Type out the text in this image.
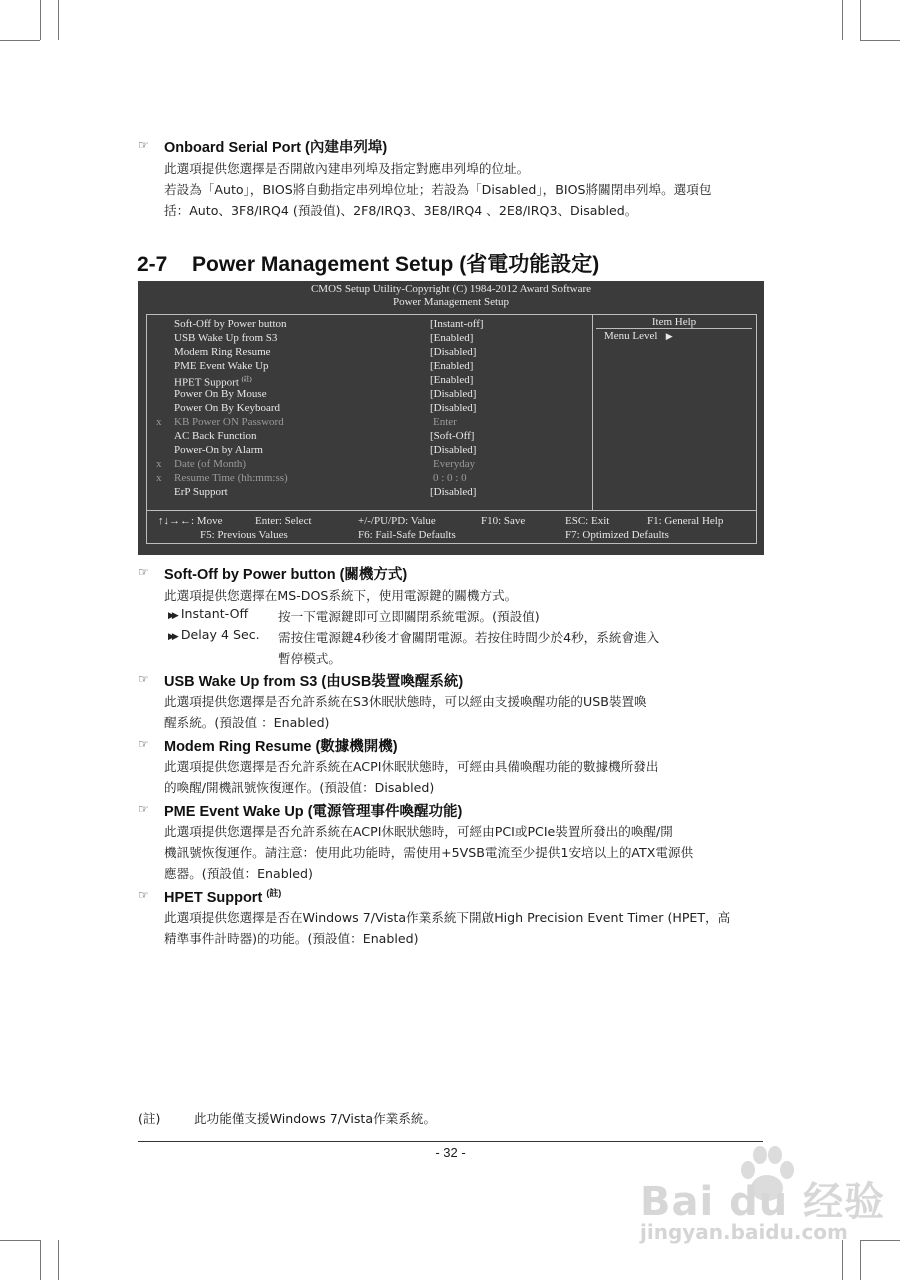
☞ Onboard Serial Port (內建串列埠)
此選項提供您選擇是否開啟內建串列埠及指定對應串列埠的位址。
若設為「Auto」，BIOS將自動指定串列埠位址；若設為「Disabled」，BIOS將關閉串列埠。選項包
括：Auto、3F8/IRQ4 (預設值)、2F8/IRQ3、3E8/IRQ4 、2E8/IRQ3、Disabled。
2-7 Power Management Setup (省電功能設定)
CMOS Setup Utility-Copyright (C) 1984-2012 Award Software
Power Management Setup
Item Help
Menu Level ▶
Soft-Off by Power button	[Instant-off]
USB Wake Up from S3	[Enabled]
Modem Ring Resume	[Disabled]
PME Event Wake Up	[Enabled]
HPET Support $^{(註)}$	[Enabled]
Power On By Mouse	[Disabled]
Power On By Keyboard	[Disabled]
x KB Power ON Password	Enter
AC Back Function	[Soft-Off]
Power-On by Alarm	[Disabled]
x Date (of Month)	Everyday
x Resume Time (hh:mm:ss)	0 : 0 : 0
ErP Support	[Disabled]
↑↓→←: Move	Enter: Select	+/-/PU/PD: Value	F10: Save	ESC: Exit	F1: General Help
F5: Previous Values	F6: Fail-Safe Defaults	F7: Optimized Defaults
☞ Soft-Off by Power button (關機方式)
此選項提供您選擇在MS-DOS系統下，使用電源鍵的關機方式。
▶▶ Instant-Off 按一下電源鍵即可立即關閉系統電源。(預設值)
▶▶ Delay 4 Sec. 需按住電源鍵4秒後才會關閉電源。若按住時間少於4秒，系統會進入
暫停模式。
☞ USB Wake Up from S3 (由USB裝置喚醒系統)
此選項提供您選擇是否允許系統在S3休眠狀態時，可以經由支援喚醒功能的USB裝置喚
醒系統。(預設值 ：Enabled)
☞ Modem Ring Resume (數據機開機)
此選項提供您選擇是否允許系統在ACPI休眠狀態時，可經由具備喚醒功能的數據機所發出
的喚醒/開機訊號恢復運作。(預設值：Disabled)
☞ PME Event Wake Up (電源管理事件喚醒功能)
此選項提供您選擇是否允許系統在ACPI休眠狀態時，可經由PCI或PCIe裝置所發出的喚醒/開
機訊號恢復運作。請注意：使用此功能時，需使用+5VSB電流至少提供1安培以上的ATX電源供
應器。(預設值：Enabled)
☞ HPET Support $^{(註)}$
此選項提供您選擇是否在Windows 7/Vista作業系統下開啟High Precision Event Timer (HPET，高
精準事件計時器)的功能。(預設值：Enabled)
(註)	此功能僅支援Windows 7/Vista作業系統。
- 32 -
Bai du 经验
jingyan.baidu.com
